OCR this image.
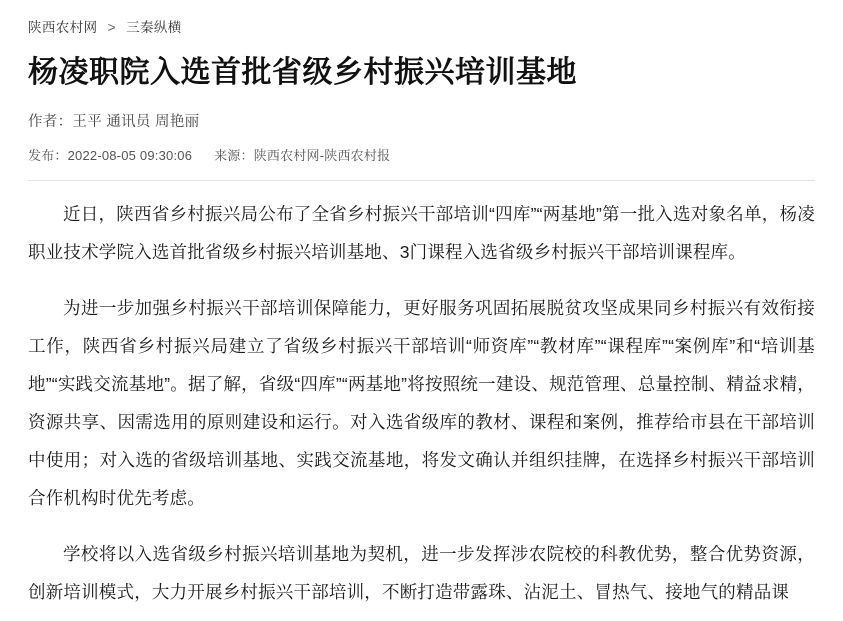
陕西农村网 > 三秦纵横
杨凌职院入选首批省级乡村振兴培训基地
作者：王平 通讯员 周艳丽
发布：2022-08-05 09:30:06 来源：陕西农村网-陕西农村报

近日，陕西省乡村振兴局公布了全省乡村振兴干部培训“四库”“两基地”第一批入选对象名单，杨凌职业技术学院入选首批省级乡村振兴培训基地、3门课程入选省级乡村振兴干部培训课程库。

为进一步加强乡村振兴干部培训保障能力，更好服务巩固拓展脱贫攻坚成果同乡村振兴有效衔接工作，陕西省乡村振兴局建立了省级乡村振兴干部培训“师资库”“教材库”“课程库”“案例库”和“培训基地”“实践交流基地”。据了解，省级“四库”“两基地”将按照统一建设、规范管理、总量控制、精益求精，资源共享、因需选用的原则建设和运行。对入选省级库的教材、课程和案例，推荐给市县在干部培训中使用；对入选的省级培训基地、实践交流基地，将发文确认并组织挂牌，在选择乡村振兴干部培训合作机构时优先考虑。

学校将以入选省级乡村振兴培训基地为契机，进一步发挥涉农院校的科教优势，整合优势资源，创新培训模式，大力开展乡村振兴干部培训，不断打造带露珠、沾泥土、冒热气、接地气的精品课
